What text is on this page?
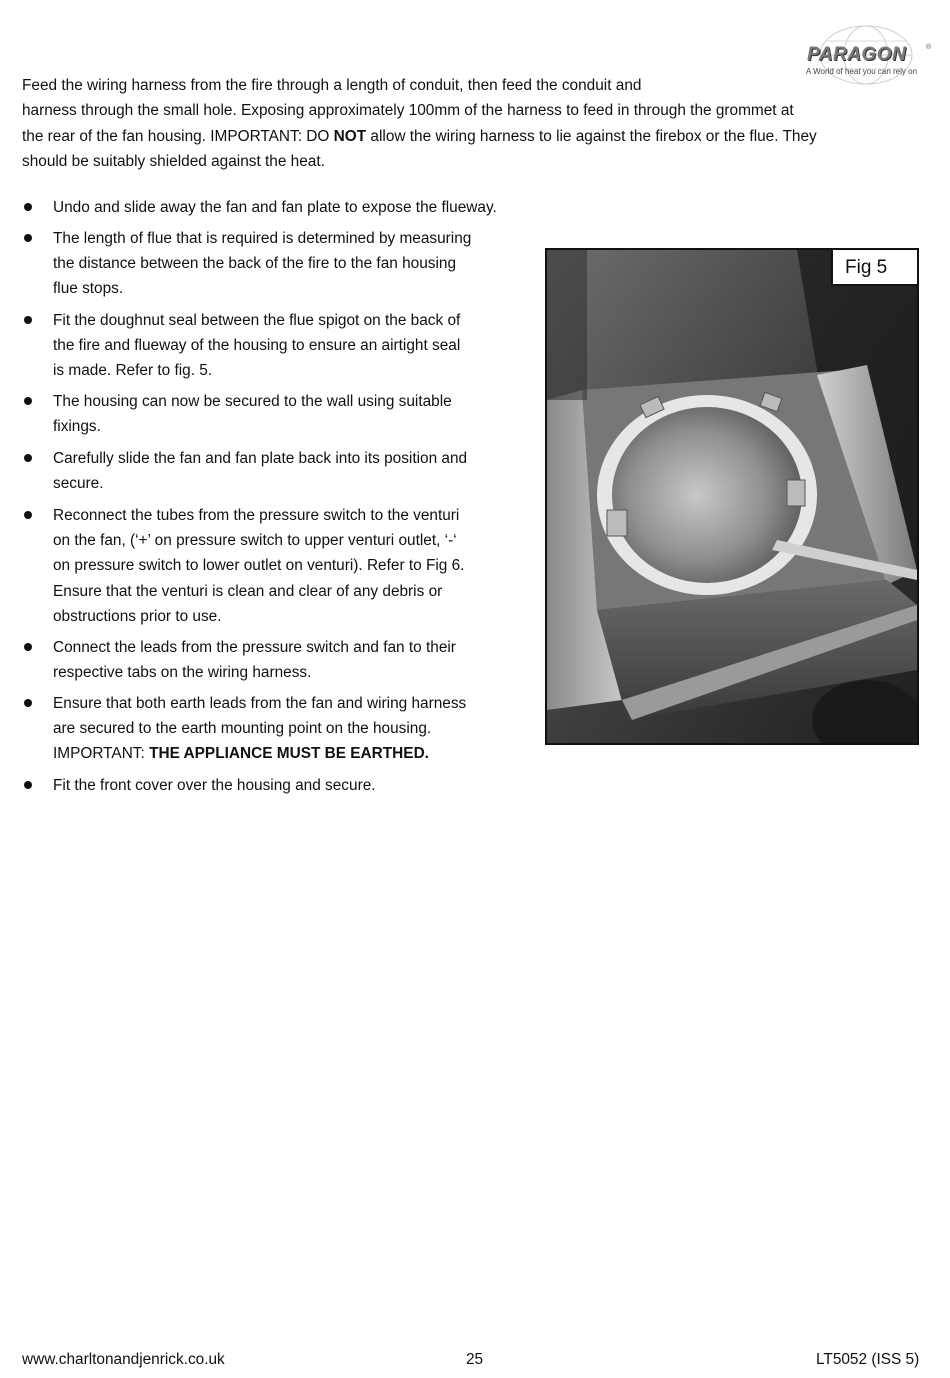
PARAGON	®
A World of heat you can rely on

Feed the wiring harness from the fire through a length of conduit, then feed the conduit and
harness through the small hole. Exposing approximately 100mm of the harness to feed in through the grommet at
the rear of the fan housing. IMPORTANT: DO NOT allow the wiring harness to lie against the firebox or the flue. They
should be suitably shielded against the heat.

Undo and slide away the fan and fan plate to expose the flueway.
The length of flue that is required is determined by measuring
the distance between the back of the fire to the fan housing
flue stops.
Fit the doughnut seal between the flue spigot on the back of
the fire and flueway of the housing to ensure an airtight seal
is made. Refer to fig. 5.
The housing can now be secured to the wall using suitable
fixings.
Carefully slide the fan and fan plate back into its position and
secure.
Reconnect the tubes from the pressure switch to the venturi
on the fan, (‘+’ on pressure switch to upper venturi outlet, ‘-‘
on pressure switch to lower outlet on venturi). Refer to Fig 6.
Ensure that the venturi is clean and clear of any debris or
obstructions prior to use.
Connect the leads from the pressure switch and fan to their
respective tabs on the wiring harness.
Ensure that both earth leads from the fan and wiring harness
are secured to the earth mounting point on the housing.
IMPORTANT: THE APPLIANCE MUST BE EARTHED.
Fit the front cover over the housing and secure.
Fig 5
www.charltonandjenrick.co.uk	25	LT5052 (ISS 5)
